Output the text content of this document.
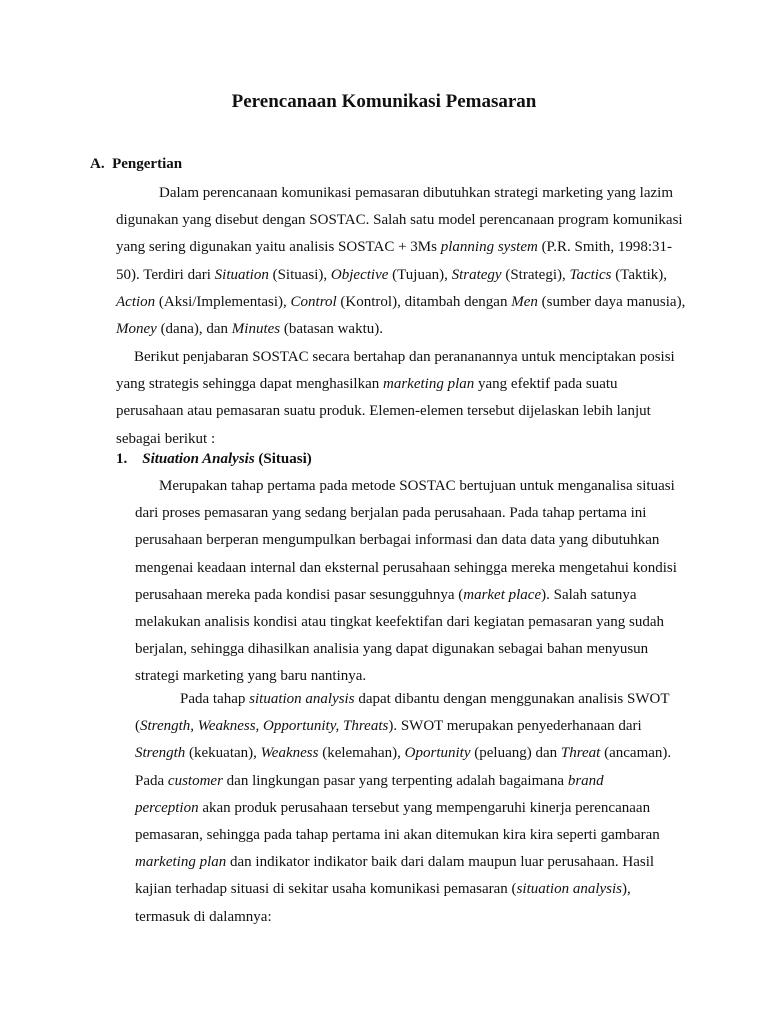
Perencanaan Komunikasi Pemasaran
A. Pengertian
Dalam perencanaan komunikasi pemasaran dibutuhkan strategi marketing yang lazim
digunakan yang disebut dengan SOSTAC. Salah satu model perencanaan program komunikasi
yang sering digunakan yaitu analisis SOSTAC + 3Ms planning system (P.R. Smith, 1998:31-
50). Terdiri dari Situation (Situasi), Objective (Tujuan), Strategy (Strategi), Tactics (Taktik),
Action (Aksi/Implementasi), Control (Kontrol), ditambah dengan Men (sumber daya manusia),
Money (dana), dan Minutes (batasan waktu).
Berikut penjabaran SOSTAC secara bertahap dan perananannya untuk menciptakan posisi
yang strategis sehingga dapat menghasilkan marketing plan yang efektif pada suatu
perusahaan atau pemasaran suatu produk. Elemen-elemen tersebut dijelaskan lebih lanjut
sebagai berikut :
1. Situation Analysis (Situasi)
Merupakan tahap pertama pada metode SOSTAC bertujuan untuk menganalisa situasi
dari proses pemasaran yang sedang berjalan pada perusahaan. Pada tahap pertama ini
perusahaan berperan mengumpulkan berbagai informasi dan data data yang dibutuhkan
mengenai keadaan internal dan eksternal perusahaan sehingga mereka mengetahui kondisi
perusahaan mereka pada kondisi pasar sesungguhnya (market place). Salah satunya
melakukan analisis kondisi atau tingkat keefektifan dari kegiatan pemasaran yang sudah
berjalan, sehingga dihasilkan analisia yang dapat digunakan sebagai bahan menyusun
strategi marketing yang baru nantinya.
Pada tahap situation analysis dapat dibantu dengan menggunakan analisis SWOT
(Strength, Weakness, Opportunity, Threats). SWOT merupakan penyederhanaan dari
Strength (kekuatan), Weakness (kelemahan), Oportunity (peluang) dan Threat (ancaman).
Pada customer dan lingkungan pasar yang terpenting adalah bagaimana brand
perception akan produk perusahaan tersebut yang mempengaruhi kinerja perencanaan
pemasaran, sehingga pada tahap pertama ini akan ditemukan kira kira seperti gambaran
marketing plan dan indikator indikator baik dari dalam maupun luar perusahaan. Hasil
kajian terhadap situasi di sekitar usaha komunikasi pemasaran (situation analysis),
termasuk di dalamnya:
